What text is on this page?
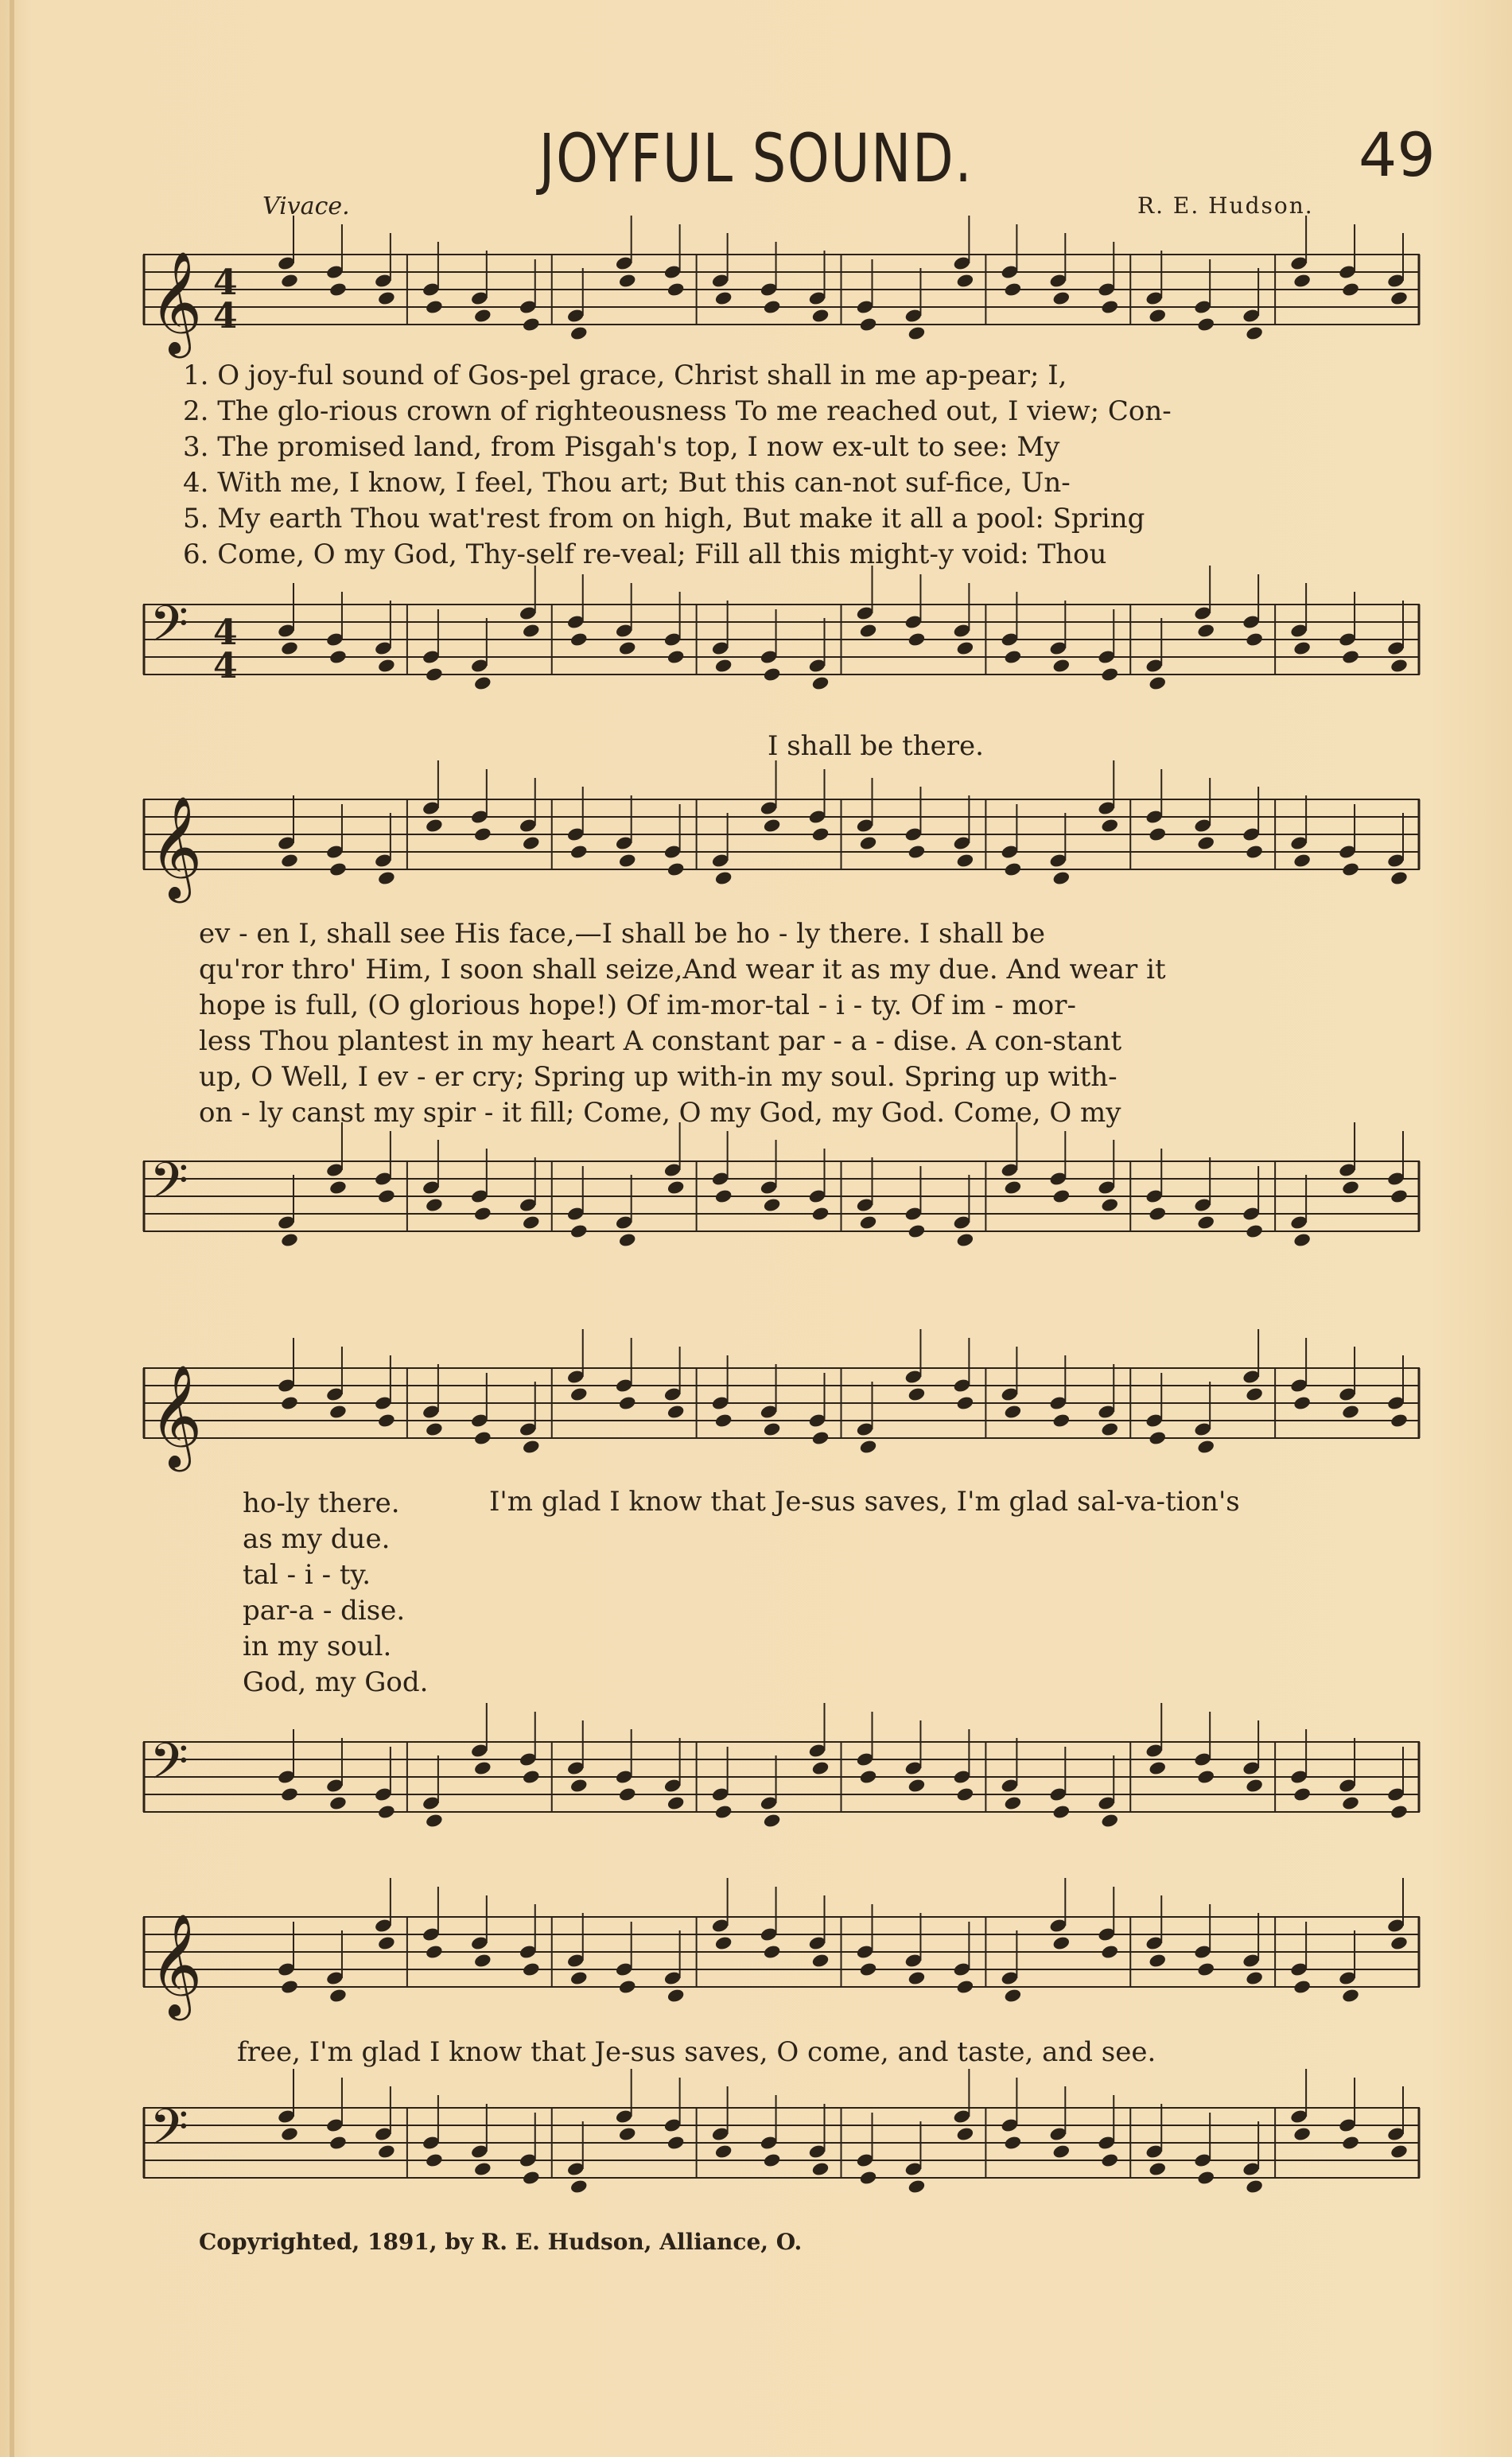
JOYFUL SOUND.	49
Vivace.	R. E. Hudson.
𝄞 4
4
1. O joy-ful sound of Gos-pel grace, Christ shall in me ap-pear; I,
2. The glo-rious crown of righteousness To me reached out, I view; Con-
3. The promised land, from Pisgah's top, I now ex-ult to see: My
4. With me, I know, I feel, Thou art; But this can-not suf-fice, Un-
5. My earth Thou wat'rest from on high, But make it all a pool: Spring
6. Come, O my God, Thy-self re-veal; Fill all this might-y void: Thou
𝄢 4
4
I shall be there.
𝄞
ev - en I, shall see His face,—I shall be ho - ly there. I shall be
qu'ror thro' Him, I soon shall seize,And wear it as my due. And wear it
hope is full, (O glorious hope!) Of im-mor-tal - i - ty. Of im - mor-
less Thou plantest in my heart A constant par - a - dise. A con-stant
up, O Well, I ev - er cry; Spring up with-in my soul. Spring up with-
on - ly canst my spir - it fill; Come, O my God, my God. Come, O my
𝄢
𝄞
ho-ly there.
as my due.
tal - i - ty.
par-a - dise.
in my soul.
God, my God.
I'm glad I know that Je-sus saves, I'm glad sal-va-tion's
𝄢
𝄞
free, I'm glad I know that Je-sus saves, O come, and taste, and see.
𝄢
Copyrighted, 1891, by R. E. Hudson, Alliance, O.
